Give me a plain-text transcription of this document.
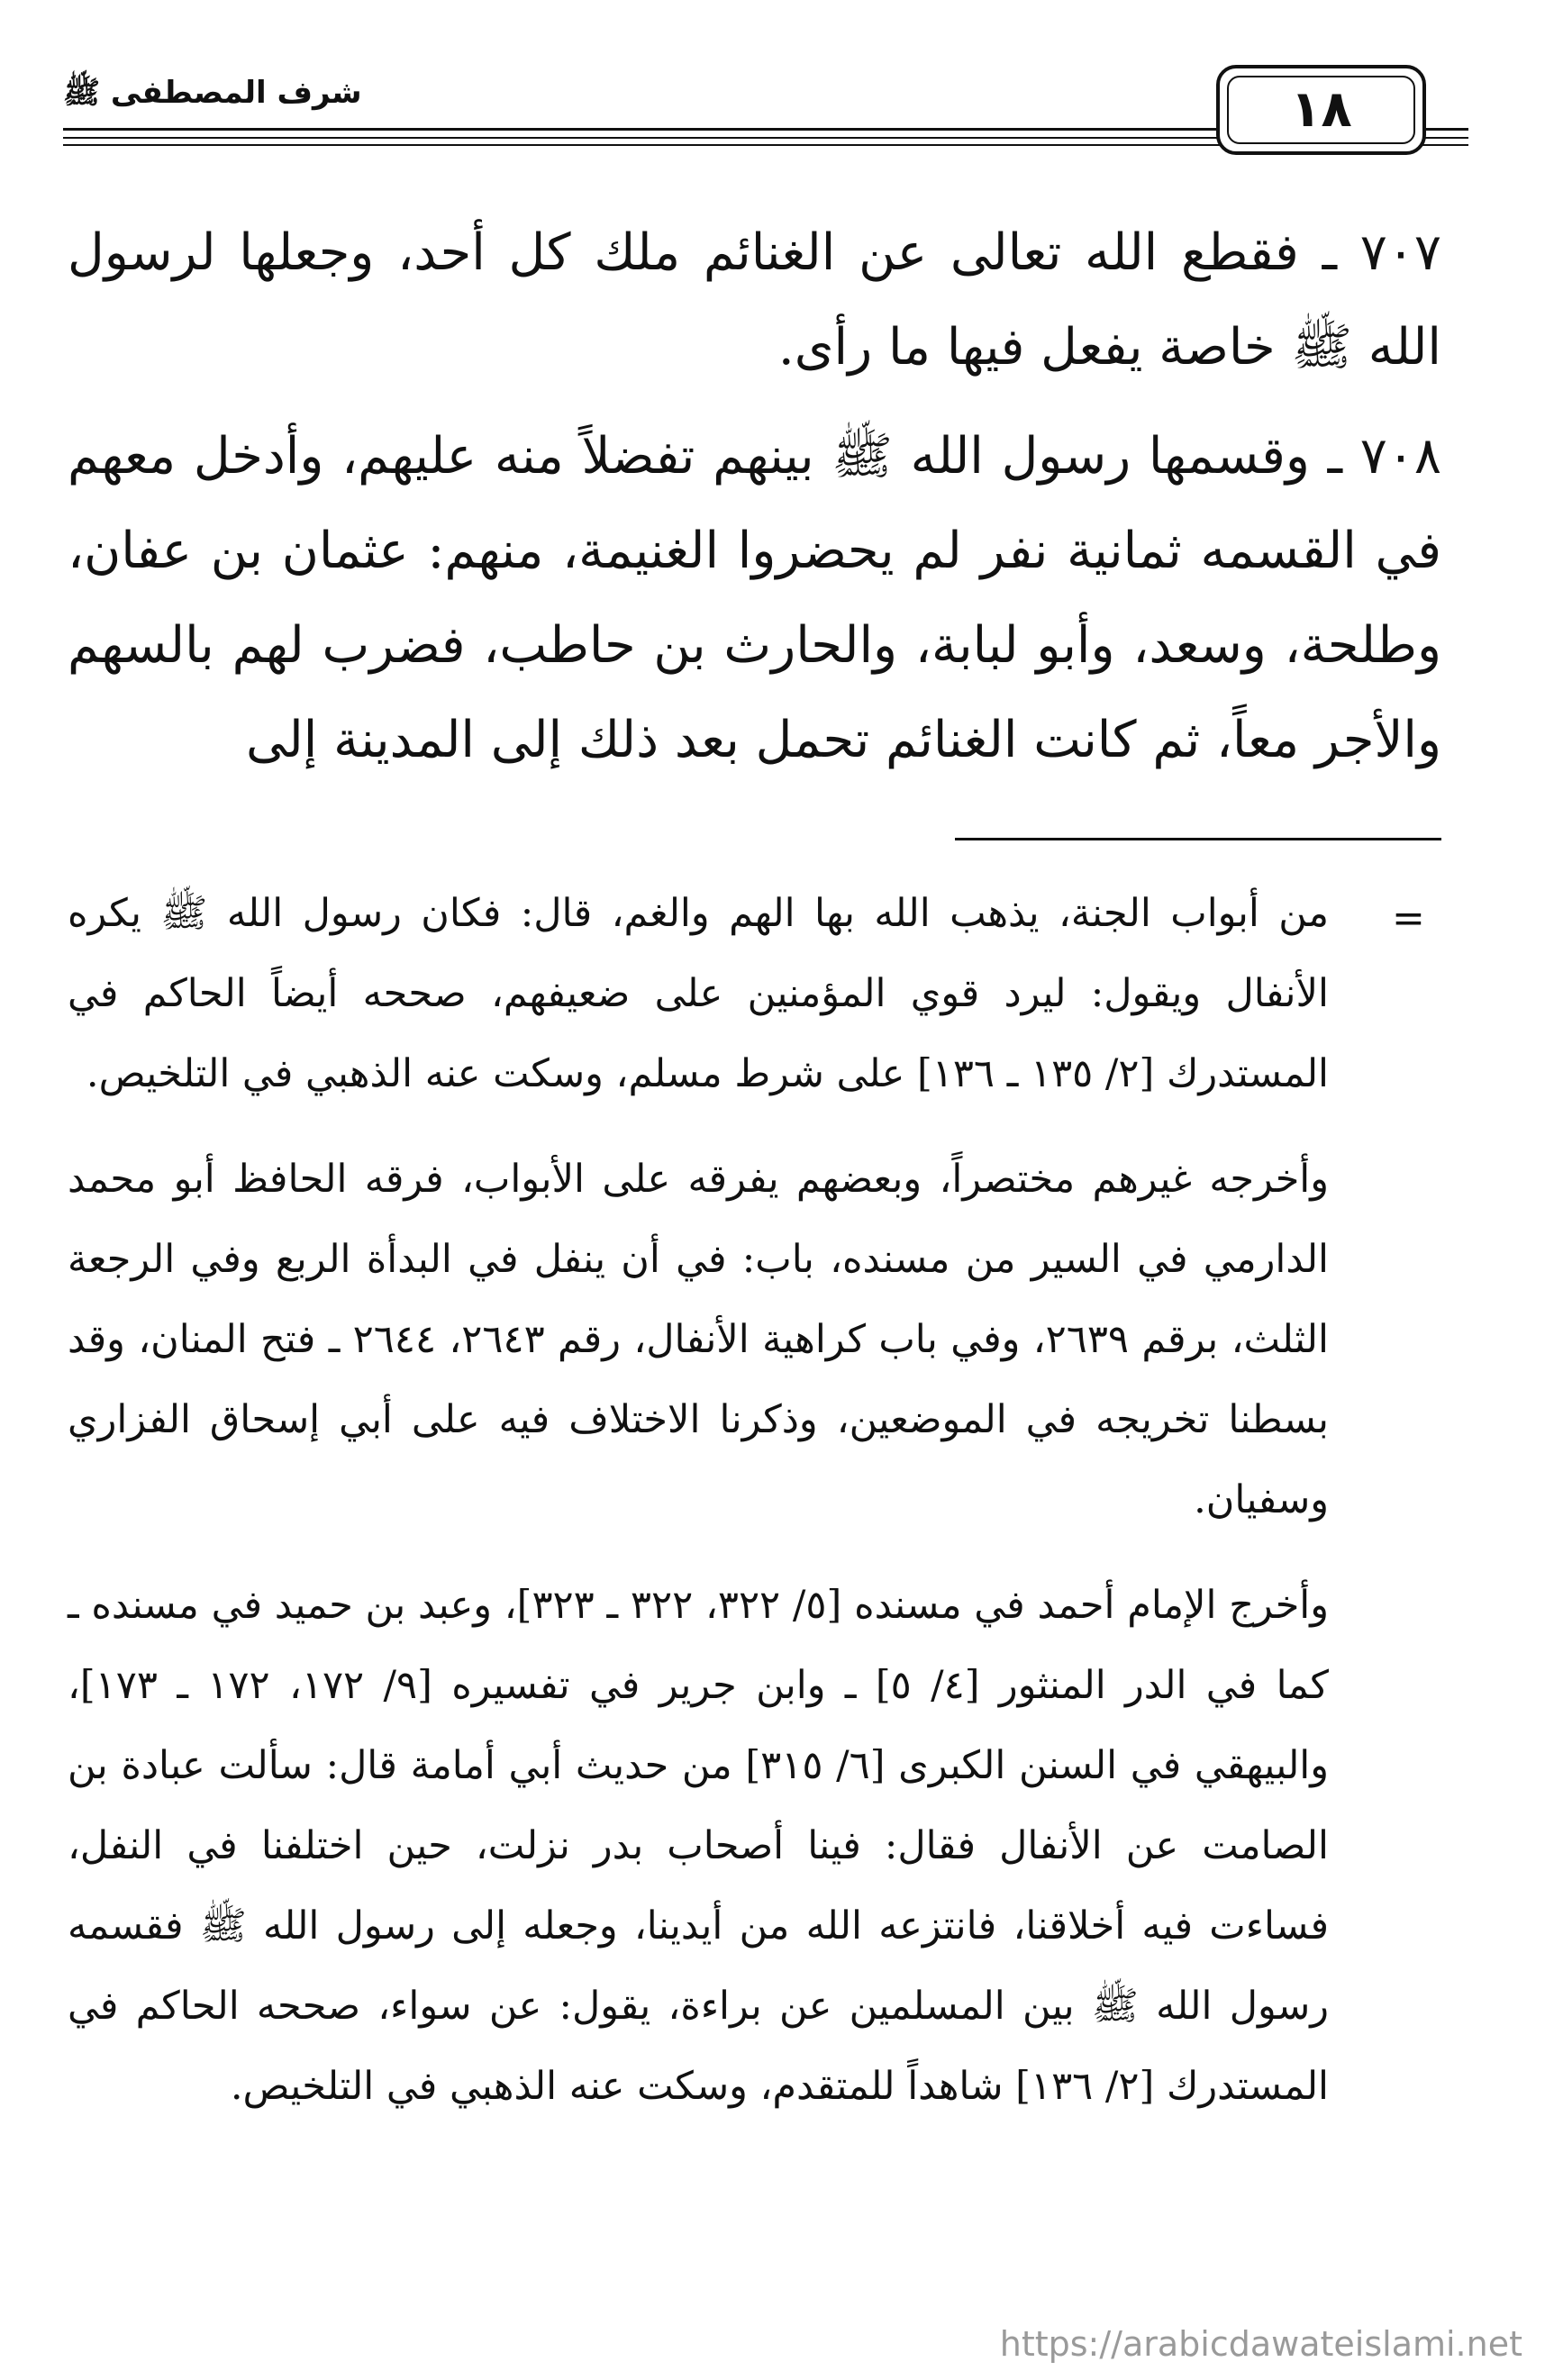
شرف المصطفى ﷺ	١٨

٧٠٧ ـ فقطع الله تعالى عن الغنائم ملك كل أحد، وجعلها لرسول الله ﷺ خاصة يفعل فيها ما رأى.

٧٠٨ ـ وقسمها رسول الله ﷺ بينهم تفضلاً منه عليهم، وأدخل معهم في القسمه ثمانية نفر لم يحضروا الغنيمة، منهم: عثمان بن عفان، وطلحة، وسعد، وأبو لبابة، والحارث بن حاطب، فضرب لهم بالسهم والأجر معاً، ثم كانت الغنائم تحمل بعد ذلك إلى المدينة إلى

=

من أبواب الجنة، يذهب الله بها الهم والغم، قال: فكان رسول الله ﷺ يكره الأنفال ويقول: ليرد قوي المؤمنين على ضعيفهم، صححه أيضاً الحاكم في المستدرك [٢/ ١٣٥ ـ ١٣٦] على شرط مسلم، وسكت عنه الذهبي في التلخيص.

وأخرجه غيرهم مختصراً، وبعضهم يفرقه على الأبواب، فرقه الحافظ أبو محمد الدارمي في السير من مسنده، باب: في أن ينفل في البدأة الربع وفي الرجعة الثلث، برقم ٢٦٣٩، وفي باب كراهية الأنفال، رقم ٢٦٤٣، ٢٦٤٤ ـ فتح المنان، وقد بسطنا تخريجه في الموضعين، وذكرنا الاختلاف فيه على أبي إسحاق الفزاري وسفيان.

وأخرج الإمام أحمد في مسنده [٥/ ٣٢٢، ٣٢٢ ـ ٣٢٣]، وعبد بن حميد في مسنده ـ كما في الدر المنثور [٤/ ٥] ـ وابن جرير في تفسيره [٩/ ١٧٢، ١٧٢ ـ ١٧٣]، والبيهقي في السنن الكبرى [٦/ ٣١٥] من حديث أبي أمامة قال: سألت عبادة بن الصامت عن الأنفال فقال: فينا أصحاب بدر نزلت، حين اختلفنا في النفل، فساءت فيه أخلاقنا، فانتزعه الله من أيدينا، وجعله إلى رسول الله ﷺ فقسمه رسول الله ﷺ بين المسلمين عن براءة، يقول: عن سواء، صححه الحاكم في المستدرك [٢/ ١٣٦] شاهداً للمتقدم، وسكت عنه الذهبي في التلخيص.

https://arabicdawateislami.net
